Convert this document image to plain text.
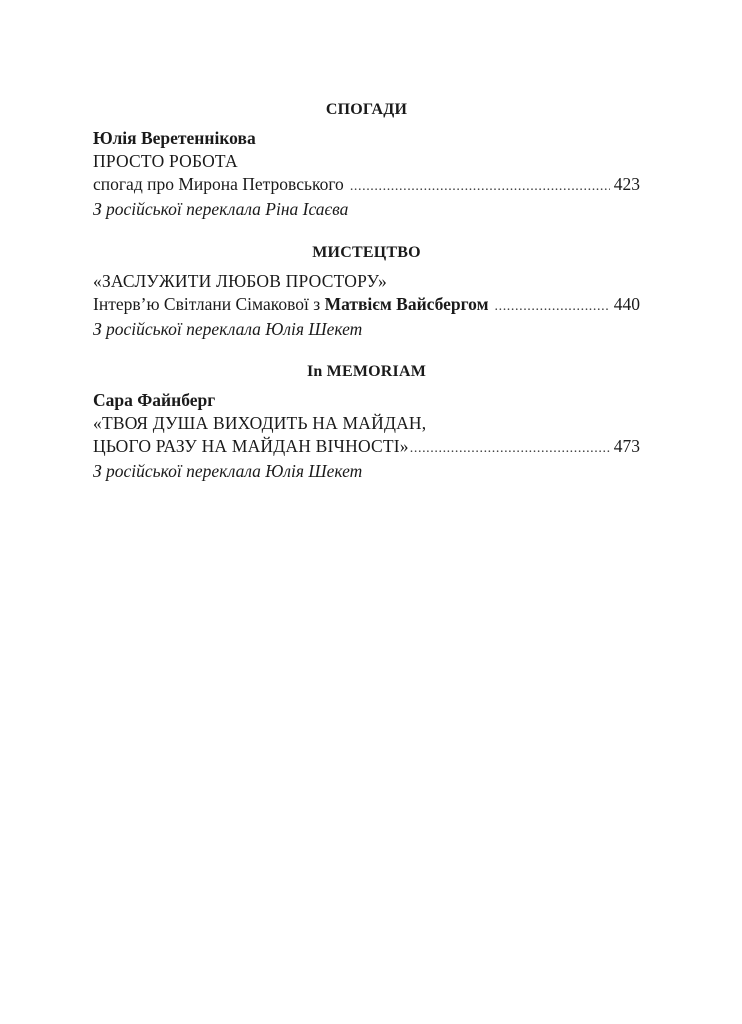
СПОГАДИ
Юлія Веретеннікова
ПРОСТО РОБОТА
спогад про Мирона Петровського .....	423
З російської переклала Ріна Ісаєва
МИСТЕЦТВО
«ЗАСЛУЖИТИ ЛЮБОВ ПРОСТОРУ»
Інтерв’ю Світлани Сімакової з Матвієм Вайсбергом .....	440
З російської переклала Юлія Шекет
In MEMORIAM
Сара Файнберг
«ТВОЯ ДУША ВИХОДИТЬ НА МАЙДАН,
ЦЬОГО РАЗУ НА МАЙДАН ВІЧНОСТІ» .....	473
З російської переклала Юлія Шекет
